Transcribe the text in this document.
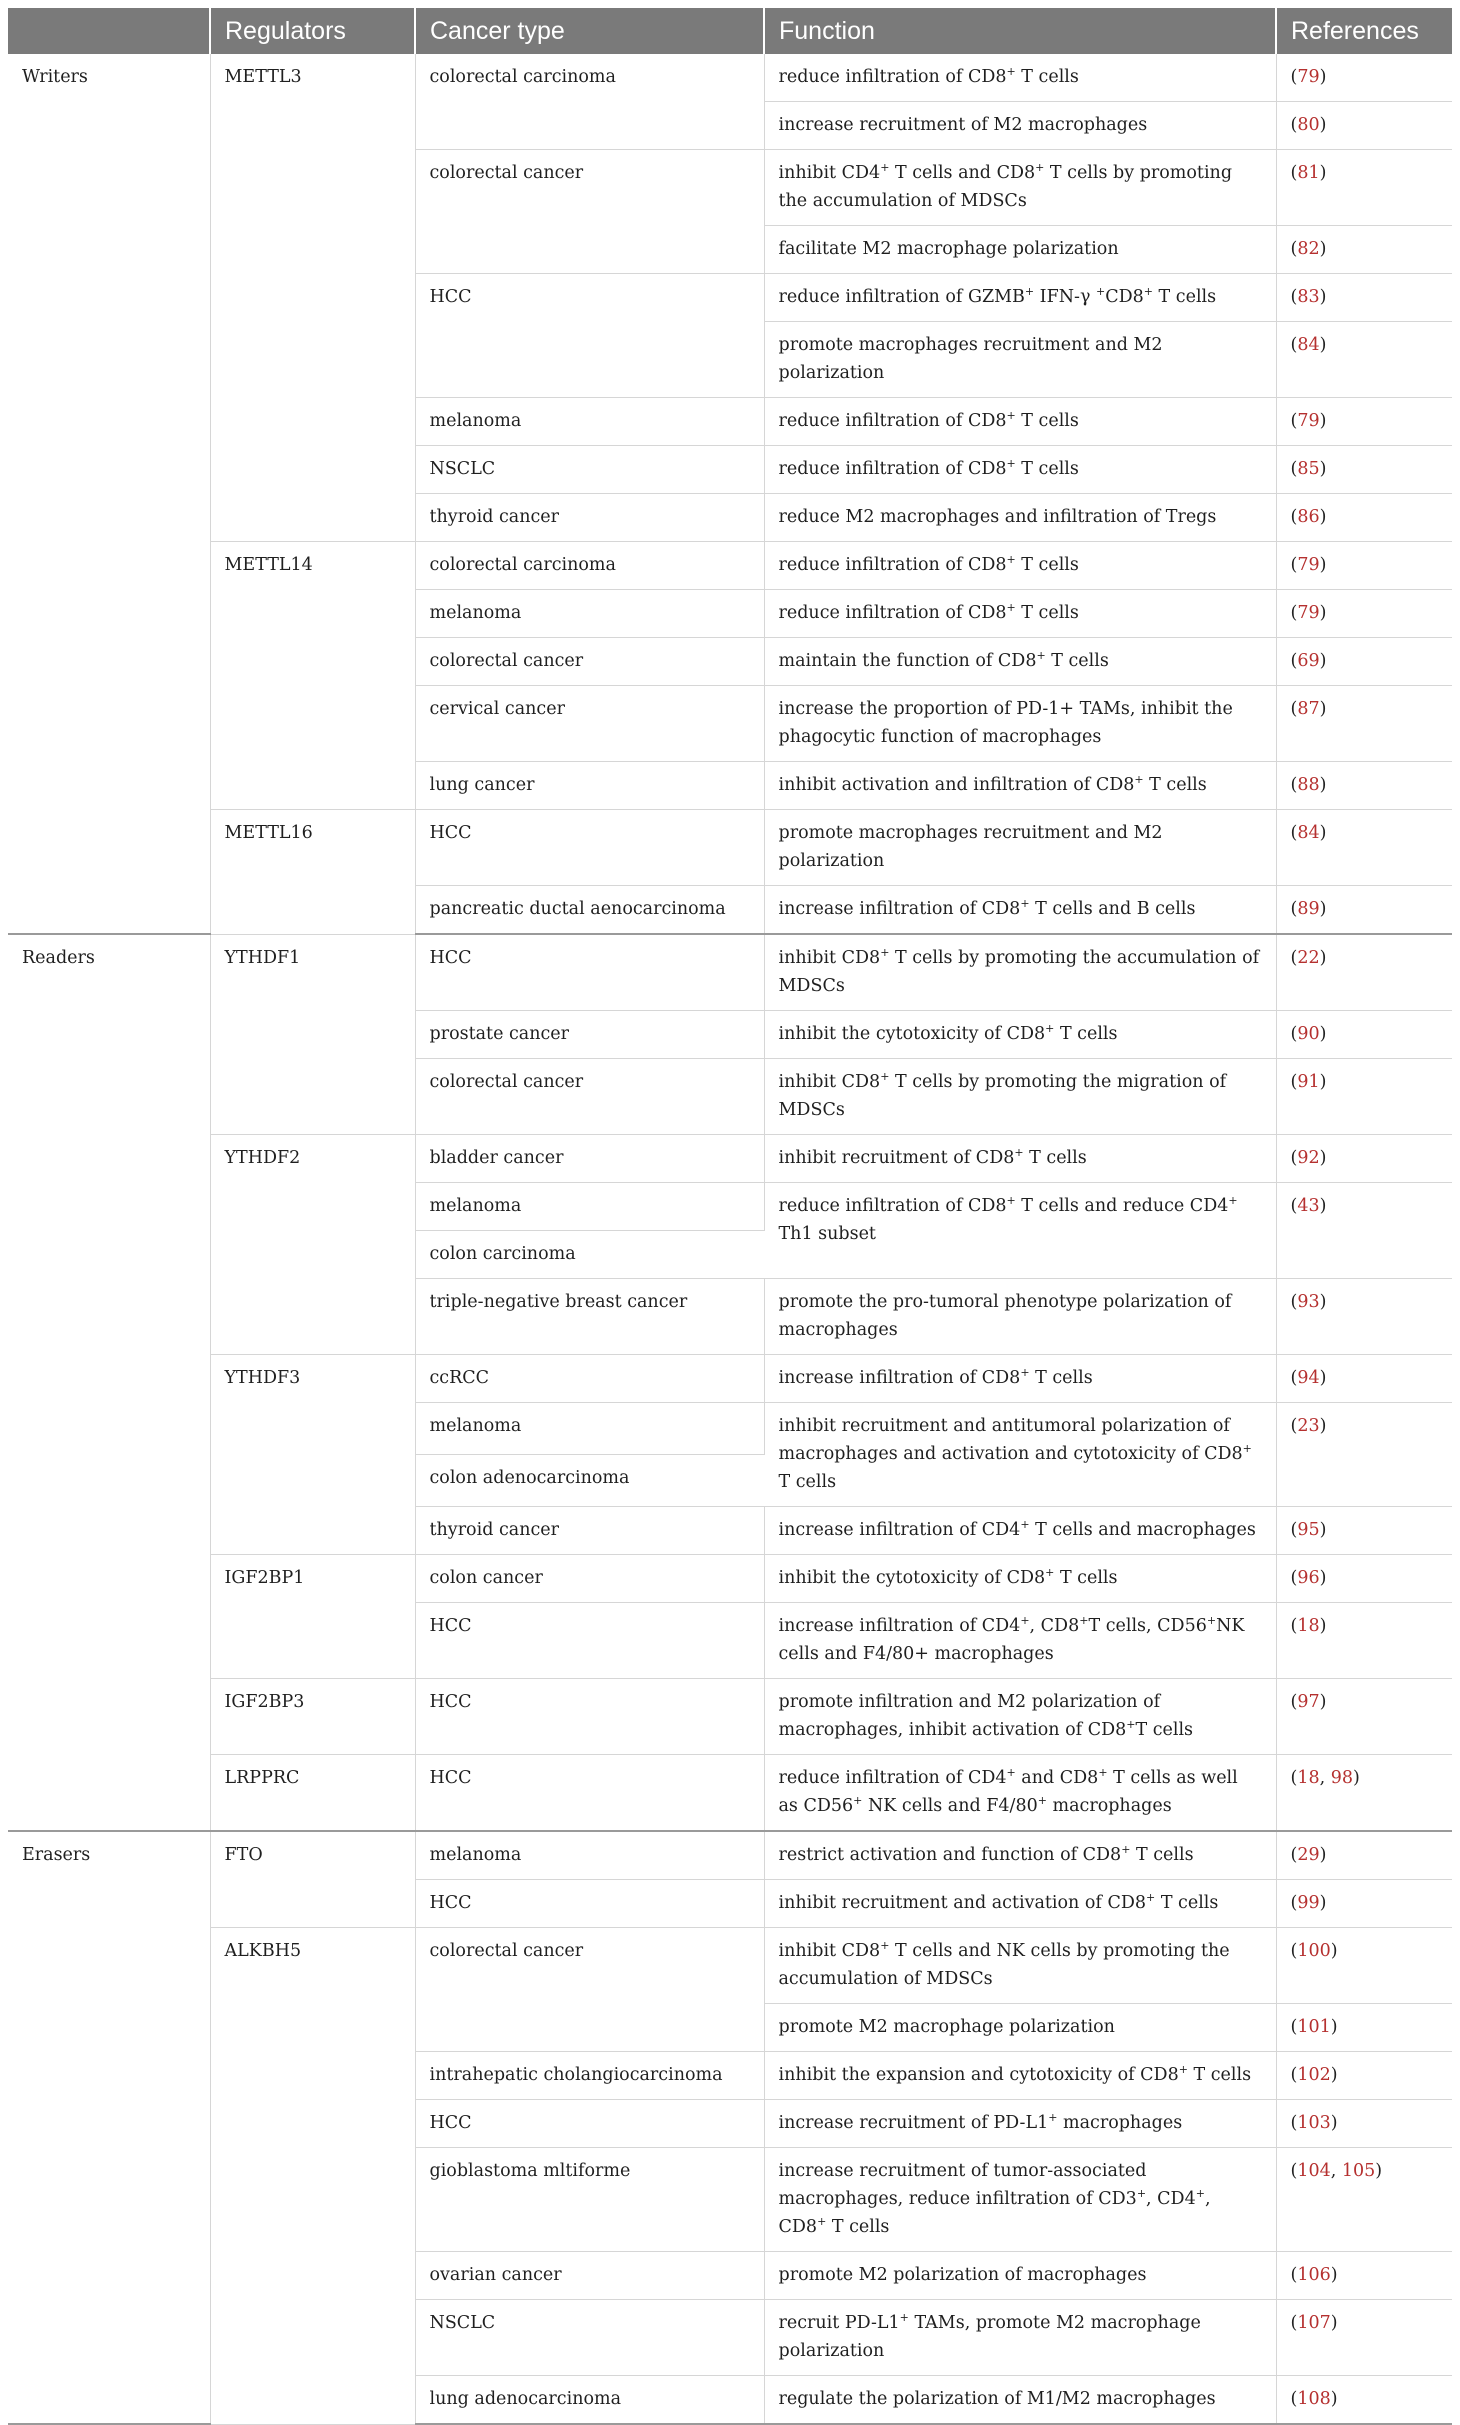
	Regulators	Cancer type	Function	References
Writers	METTL3	colorectal carcinoma	reduce infiltration of CD8+ T cells	(79)
			increase recruitment of M2 macrophages	(80)
		colorectal cancer	inhibit CD4+ T cells and CD8+ T cells by promoting the accumulation of MDSCs	(81)
			facilitate M2 macrophage polarization	(82)
		HCC	reduce infiltration of GZMB+ IFN-γ +CD8+ T cells	(83)
			promote macrophages recruitment and M2 polarization	(84)
		melanoma	reduce infiltration of CD8+ T cells	(79)
		NSCLC	reduce infiltration of CD8+ T cells	(85)
		thyroid cancer	reduce M2 macrophages and infiltration of Tregs	(86)
	METTL14	colorectal carcinoma	reduce infiltration of CD8+ T cells	(79)
		melanoma	reduce infiltration of CD8+ T cells	(79)
		colorectal cancer	maintain the function of CD8+ T cells	(69)
		cervical cancer	increase the proportion of PD-1+ TAMs, inhibit the phagocytic function of macrophages	(87)
		lung cancer	inhibit activation and infiltration of CD8+ T cells	(88)
	METTL16	HCC	promote macrophages recruitment and M2 polarization	(84)
		pancreatic ductal aenocarcinoma	increase infiltration of CD8+ T cells and B cells	(89)
Readers	YTHDF1	HCC	inhibit CD8+ T cells by promoting the accumulation of MDSCs	(22)
		prostate cancer	inhibit the cytotoxicity of CD8+ T cells	(90)
		colorectal cancer	inhibit CD8+ T cells by promoting the migration of MDSCs	(91)
	YTHDF2	bladder cancer	inhibit recruitment of CD8+ T cells	(92)
		melanoma	reduce infiltration of CD8+ T cells and reduce CD4+ Th1 subset	(43)
		colon carcinoma		
		triple-negative breast cancer	promote the pro-tumoral phenotype polarization of macrophages	(93)
	YTHDF3	ccRCC	increase infiltration of CD8+ T cells	(94)
		melanoma	inhibit recruitment and antitumoral polarization of macrophages and activation and cytotoxicity of CD8+ T cells	(23)
		colon adenocarcinoma		
		thyroid cancer	increase infiltration of CD4+ T cells and macrophages	(95)
	IGF2BP1	colon cancer	inhibit the cytotoxicity of CD8+ T cells	(96)
		HCC	increase infiltration of CD4+, CD8+T cells, CD56+NK cells and F4/80+ macrophages	(18)
	IGF2BP3	HCC	promote infiltration and M2 polarization of macrophages, inhibit activation of CD8+T cells	(97)
	LRPPRC	HCC	reduce infiltration of CD4+ and CD8+ T cells as well as CD56+ NK cells and F4/80+ macrophages	(18, 98)
Erasers	FTO	melanoma	restrict activation and function of CD8+ T cells	(29)
		HCC	inhibit recruitment and activation of CD8+ T cells	(99)
	ALKBH5	colorectal cancer	inhibit CD8+ T cells and NK cells by promoting the accumulation of MDSCs	(100)
			promote M2 macrophage polarization	(101)
		intrahepatic cholangiocarcinoma	inhibit the expansion and cytotoxicity of CD8+ T cells	(102)
		HCC	increase recruitment of PD-L1+ macrophages	(103)
		gioblastoma mltiforme	increase recruitment of tumor-associated macrophages, reduce infiltration of CD3+, CD4+, CD8+ T cells	(104, 105)
		ovarian cancer	promote M2 polarization of macrophages	(106)
		NSCLC	recruit PD-L1+ TAMs, promote M2 macrophage polarization	(107)
		lung adenocarcinoma	regulate the polarization of M1/M2 macrophages	(108)
